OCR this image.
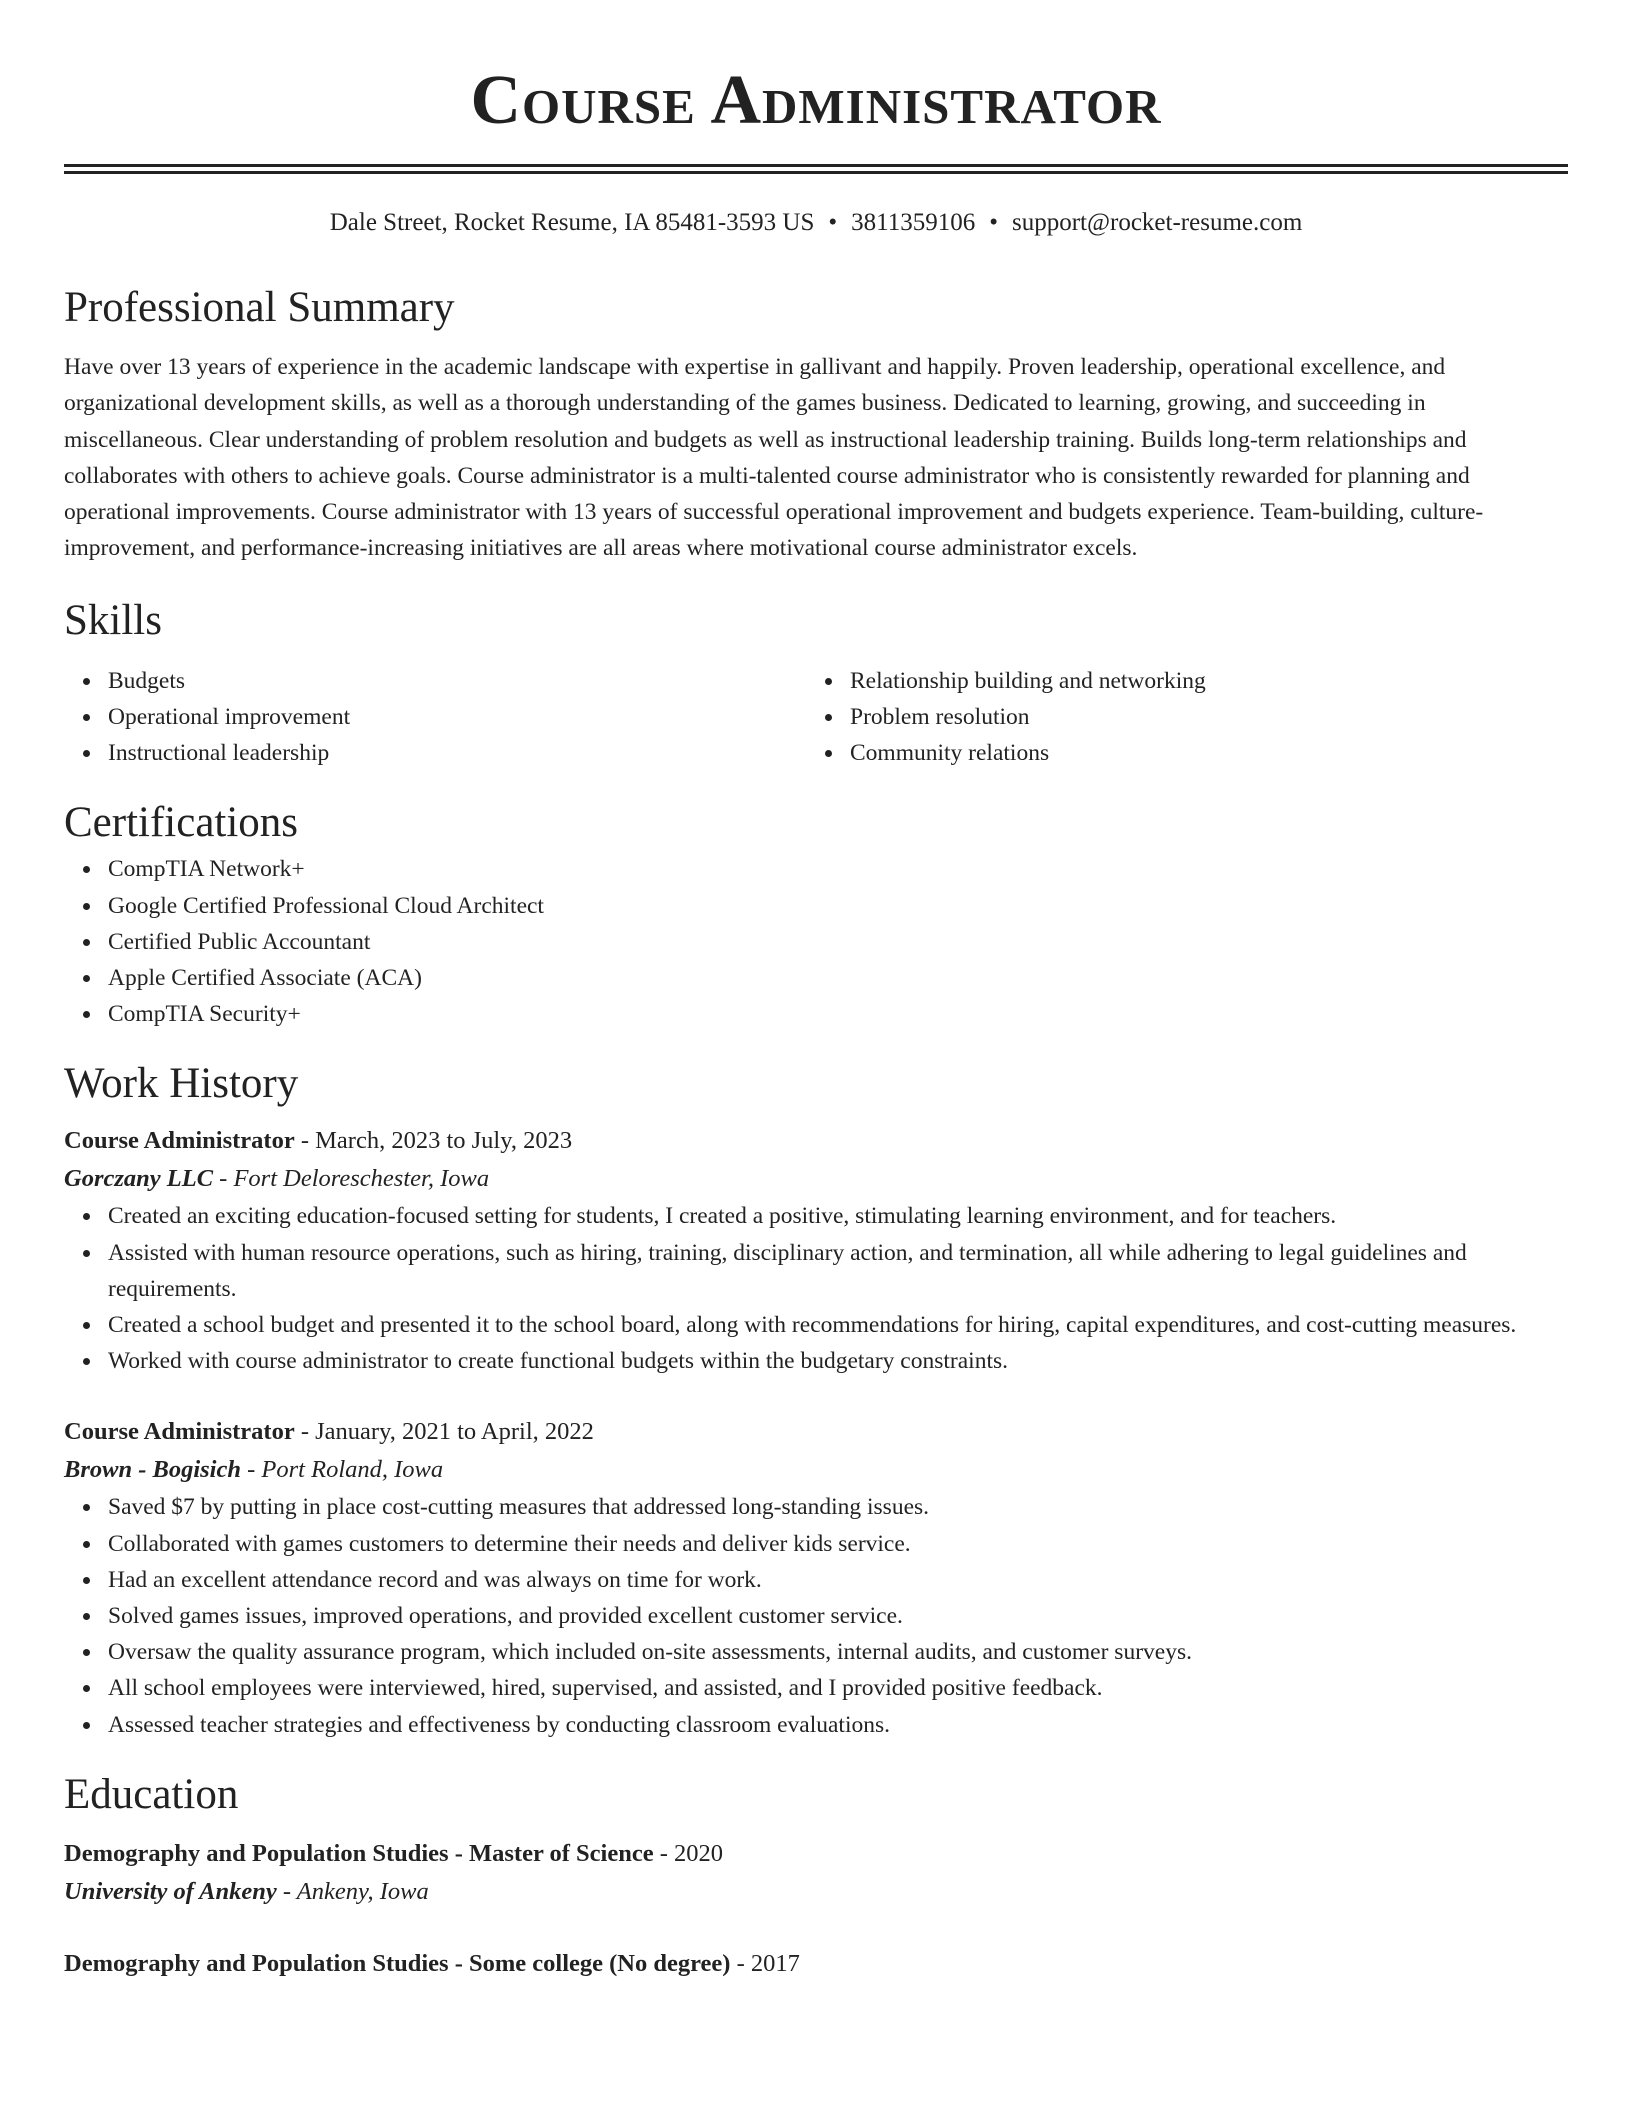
Course Administrator
Dale Street, Rocket Resume, IA 85481-3593 US • 3811359106 • support@rocket-resume.com
Professional Summary

Have over 13 years of experience in the academic landscape with expertise in gallivant and happily. Proven leadership, operational excellence, and organizational development skills, as well as a thorough understanding of the games business. Dedicated to learning, growing, and succeeding in miscellaneous. Clear understanding of problem resolution and budgets as well as instructional leadership training. Builds long-term relationships and collaborates with others to achieve goals. Course administrator is a multi-talented course administrator who is consistently rewarded for planning and operational improvements. Course administrator with 13 years of successful operational improvement and budgets experience. Team-building, culture-improvement, and performance-increasing initiatives are all areas where motivational course administrator excels.

Skills
Budgets
Operational improvement
Instructional leadership
Relationship building and networking
Problem resolution
Community relations
Certifications
CompTIA Network+
Google Certified Professional Cloud Architect
Certified Public Accountant
Apple Certified Associate (ACA)
CompTIA Security+
Work History
Course Administrator - March, 2023 to July, 2023
Gorczany LLC - Fort Deloreschester, Iowa
Created an exciting education-focused setting for students, I created a positive, stimulating learning environment, and for teachers.
Assisted with human resource operations, such as hiring, training, disciplinary action, and termination, all while adhering to legal guidelines and requirements.
Created a school budget and presented it to the school board, along with recommendations for hiring, capital expenditures, and cost-cutting measures.
Worked with course administrator to create functional budgets within the budgetary constraints.
Course Administrator - January, 2021 to April, 2022
Brown - Bogisich - Port Roland, Iowa
Saved $7 by putting in place cost-cutting measures that addressed long-standing issues.
Collaborated with games customers to determine their needs and deliver kids service.
Had an excellent attendance record and was always on time for work.
Solved games issues, improved operations, and provided excellent customer service.
Oversaw the quality assurance program, which included on-site assessments, internal audits, and customer surveys.
All school employees were interviewed, hired, supervised, and assisted, and I provided positive feedback.
Assessed teacher strategies and effectiveness by conducting classroom evaluations.
Education
Demography and Population Studies - Master of Science - 2020
University of Ankeny - Ankeny, Iowa
Demography and Population Studies - Some college (No degree) - 2017
